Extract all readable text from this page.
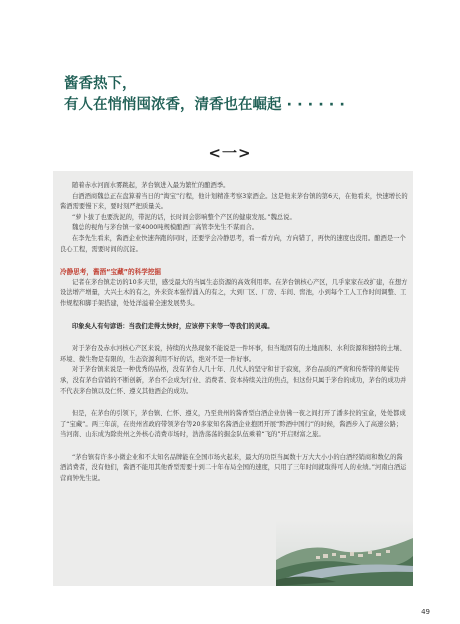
酱香热下，
有人在悄悄囤浓香，清香也在崛起 · · · · · ·
<一>

随着赤水河面水雾跳起，茅台镇进入最为繁忙的酿酒季。

白酒酒商魏总正在盘算着当日的“淘宝”行程，他计划精准考察3家酒企。这是他来茅台镇的第6天，在他看来，快速增长的酱酒需要慢下来，要时刻严把质量关。

“萝卜拔了也要洗泥的，带泥的话，长时间会影响整个产区的健康发展。”魏总说。

魏总的视角与茅台镇一家4000吨规模酿酒厂高管李先生不谋而合。

在李先生看来，酱酒企业快速奔跑的同时，还要学会冷静思考，看一看方向，方向错了，再快的速度也没用。酿酒是一个良心工程，需要时间的沉淀。

冷静思考，酱酒“宝藏”的科学挖掘

记者在茅台镇走访的10多天里，感受最大的当属生态资源的高效利用率。在茅台镇核心产区，几乎家家在改扩建，在想方设法增产增量，大兴土木的有之，外来资本强悍涌入的有之，大到厂区、厂房、车间、窖池，小到每个工人工作时间调整、工作规程和脚手架搭建，处处洋溢着全速发展势头。

印象矣人有句谚语：当我们走得太快时，应该停下来等一等我们的灵魂。

对于茅台及赤水河核心产区来说，持续的火热现象不能说是一件坏事，但当地固有的土地面积、水利资源和独特的土壤、环境、微生物是有限的，生态资源利用不好的话，绝对不是一件好事。

对于茅台镇来说是一种优秀的品格，没有茅台人几十年、几代人的坚守和甘于寂寞，茅台品质的严荷和传帮带的师徒传承，没有茅台营销的不断创新，茅台不会成为行业、消费者、资本持续关注的焦点，但这份只属于茅台的成功，茅台的成功并不代表茅台镇以及仁怀、遵义其他酒企的成功。

但是，在茅台的引领下，茅台镇、仁怀、遵义，乃至贵州的酱香型白酒企业仿佛一夜之间打开了潘多拉的宝盒，处处都成了“宝藏”。两三年前，在贵州省政府带领茅台等20多家知名酱酒企业抱团开展“黔酒中国行”的时候，酱酒步入了高速公路；当河南、山东成为除贵州之外核心消费市场时，浩浩荡荡的掘金队伍乘着“飞的”开启财富之旅。

“茅台镇有许多小微企业和不太知名品牌能在全国市场火起来，最大的功臣当属数十万大大小小的白酒经销商和数亿的酱酒消费者，没有他们，酱酒不能用其他香型需要十到二十年布局全国的速度，只用了三年时间就取得可人的业绩。”河南白酒运营商钟先生说。

49
